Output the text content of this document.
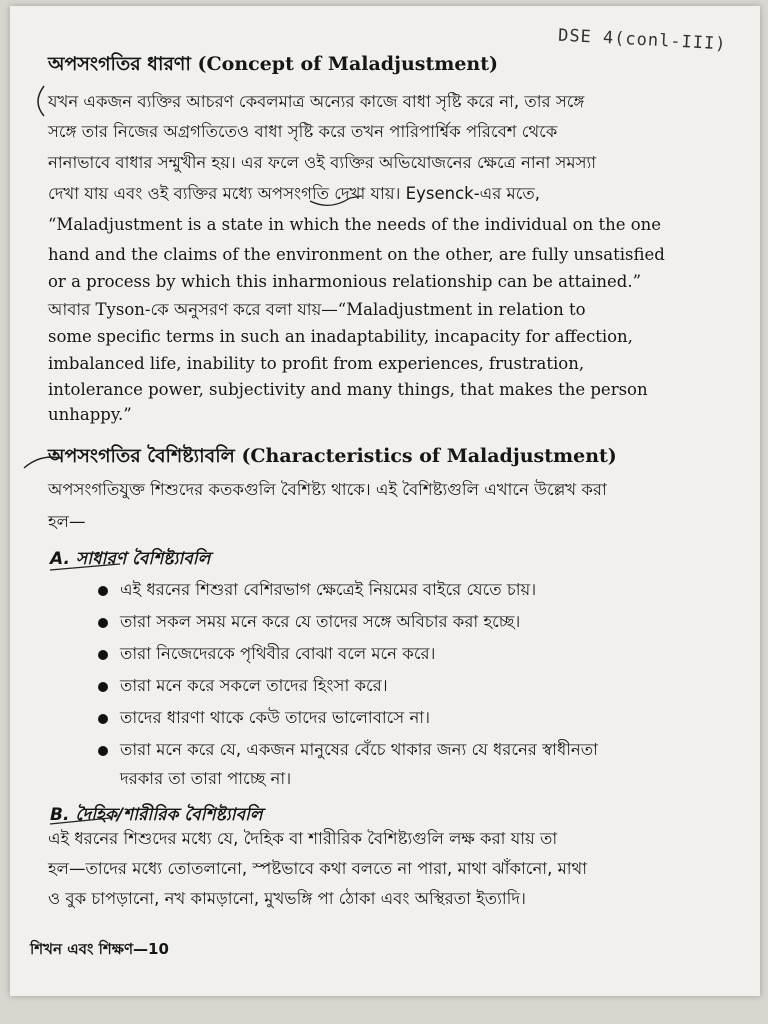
DSE 4(conl-III)
অপসংগতির ধারণা (Concept of Maladjustment)
যখন একজন ব্যক্তির আচরণ কেবলমাত্র অন্যের কাজে বাধা সৃষ্টি করে না, তার সঙ্গে
সঙ্গে তার নিজের অগ্রগতিতেও বাধা সৃষ্টি করে তখন পারিপার্শ্বিক পরিবেশ থেকে
নানাভাবে বাধার সম্মুখীন হয়। এর ফলে ওই ব্যক্তির অভিযোজনের ক্ষেত্রে নানা সমস্যা
দেখা যায় এবং ওই ব্যক্তির মধ্যে অপসংগতি দেখা যায়। Eysenck-এর মতে,
“Maladjustment is a state in which the needs of the individual on the one
hand and the claims of the environment on the other, are fully unsatisfied
or a process by which this inharmonious relationship can be attained.”
আবার Tyson-কে অনুসরণ করে বলা যায়—“Maladjustment in relation to
some specific terms in such an inadaptability, incapacity for affection,
imbalanced life, inability to profit from experiences, frustration,
intolerance power, subjectivity and many things, that makes the person
unhappy.”
অপসংগতির বৈশিষ্ট্যাবলি (Characteristics of Maladjustment)
অপসংগতিযুক্ত শিশুদের কতকগুলি বৈশিষ্ট্য থাকে। এই বৈশিষ্ট্যগুলি এখানে উল্লেখ করা
হল—
A. সাধারণ বৈশিষ্ট্যাবলি
এই ধরনের শিশুরা বেশিরভাগ ক্ষেত্রেই নিয়মের বাইরে যেতে চায়।
তারা সকল সময় মনে করে যে তাদের সঙ্গে অবিচার করা হচ্ছে।
তারা নিজেদেরকে পৃথিবীর বোঝা বলে মনে করে।
তারা মনে করে সকলে তাদের হিংসা করে।
তাদের ধারণা থাকে কেউ তাদের ভালোবাসে না।
তারা মনে করে যে, একজন মানুষের বেঁচে থাকার জন্য যে ধরনের স্বাধীনতা
দরকার তা তারা পাচ্ছে না।
B. দৈহিক/শারীরিক বৈশিষ্ট্যাবলি
এই ধরনের শিশুদের মধ্যে যে, দৈহিক বা শারীরিক বৈশিষ্ট্যগুলি লক্ষ করা যায় তা
হল—তাদের মধ্যে তোতলানো, স্পষ্টভাবে কথা বলতে না পারা, মাথা ঝাঁকানো, মাথা
ও বুক চাপড়ানো, নখ কামড়ানো, মুখভঙ্গি পা ঠোকা এবং অস্থিরতা ইত্যাদি।
শিখন এবং শিক্ষণ—10
